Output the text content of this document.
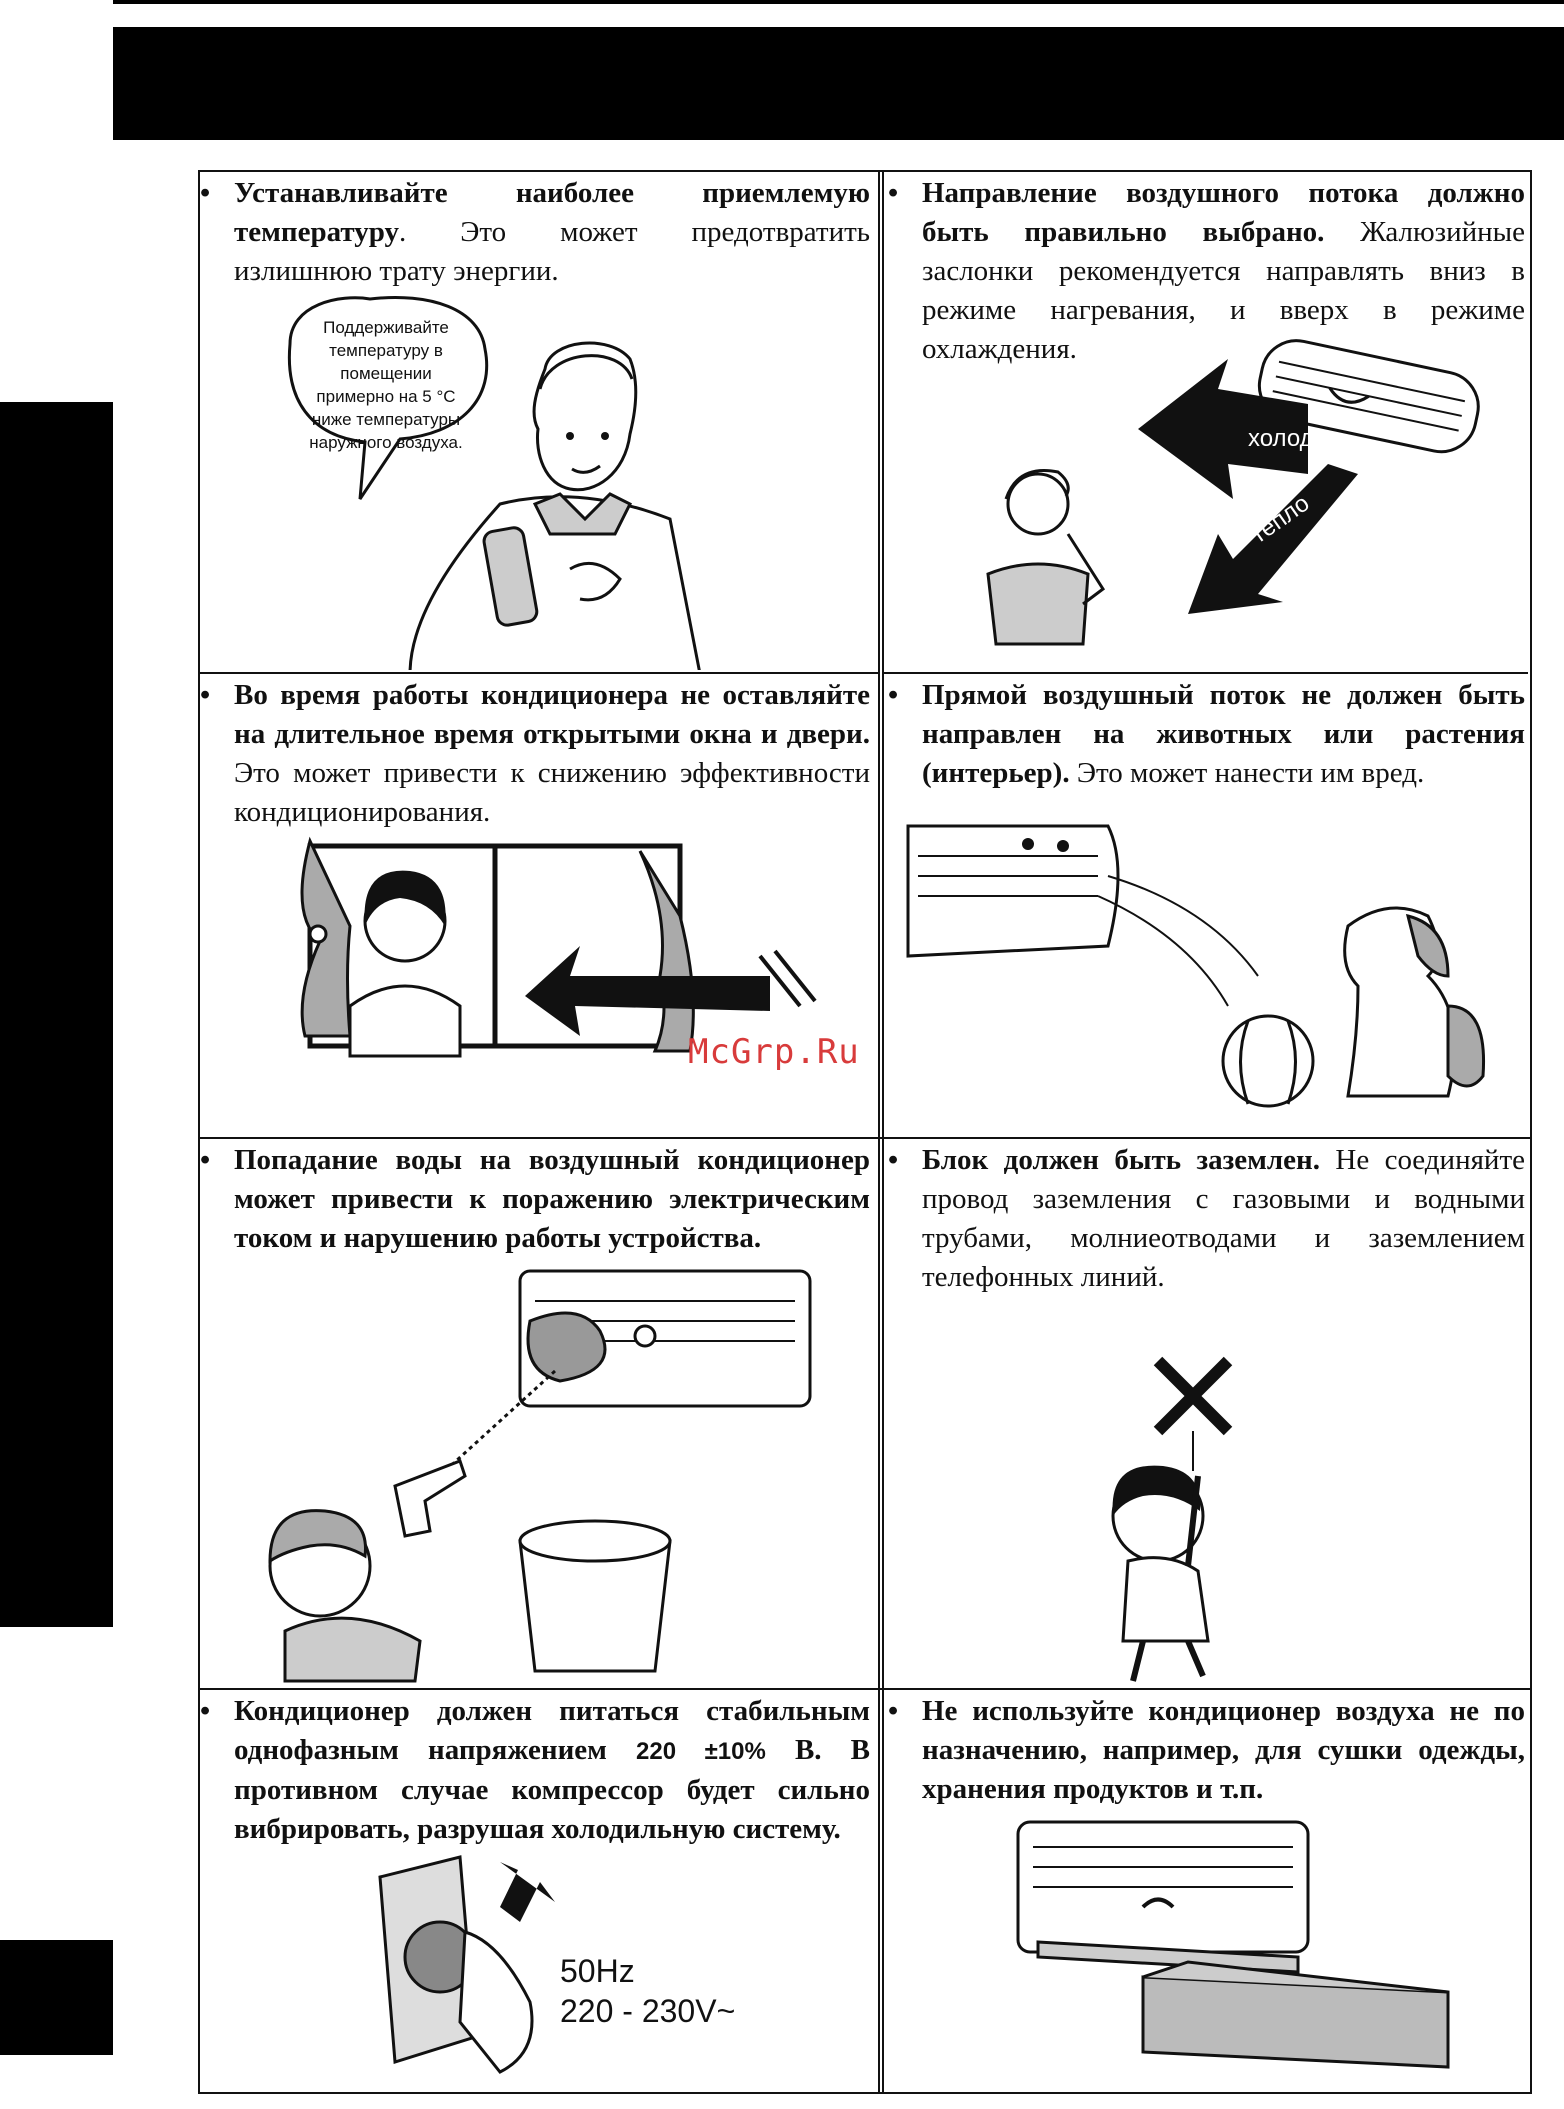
• Устанавливайте наиболее приемлемую температуру. Это может предотвратить излишнюю трату энергии.

Поддерживайте
температуру в
помещении
примерно на 5 °C
ниже температуры
наружного воздуха.
• Направление воздушного потока должно быть правильно выбрано. Жалюзийные заслонки рекомендуется направлять вниз в режиме нагревания, и вверх в режиме охлаждения.

холод
тепло
• Во время работы кондиционера не оставляйте на длительное время открытыми окна и двери. Это может привести к снижению эффективности кондиционирования.

• Прямой воздушный поток не должен быть направлен на животных или растения (интерьер). Это может нанести им вред.

• Попадание воды на воздушный кондиционер может привести к поражению электрическим током и нарушению работы устройства.

• Блок должен быть заземлен. Не соединяйте провод заземления с газовыми и водными трубами, молниеотводами и заземлением телефонных линий.

• Кондиционер должен питаться стабильным однофазным напряжением 220 ±10% В. В противном случае компрессор будет сильно вибрировать, разрушая холодильную систему.

50Hz
220 - 230V~
• Не используйте кондиционер воздуха не по назначению, например, для сушки одежды, хранения продуктов и т.п.

McGrp.Ru
